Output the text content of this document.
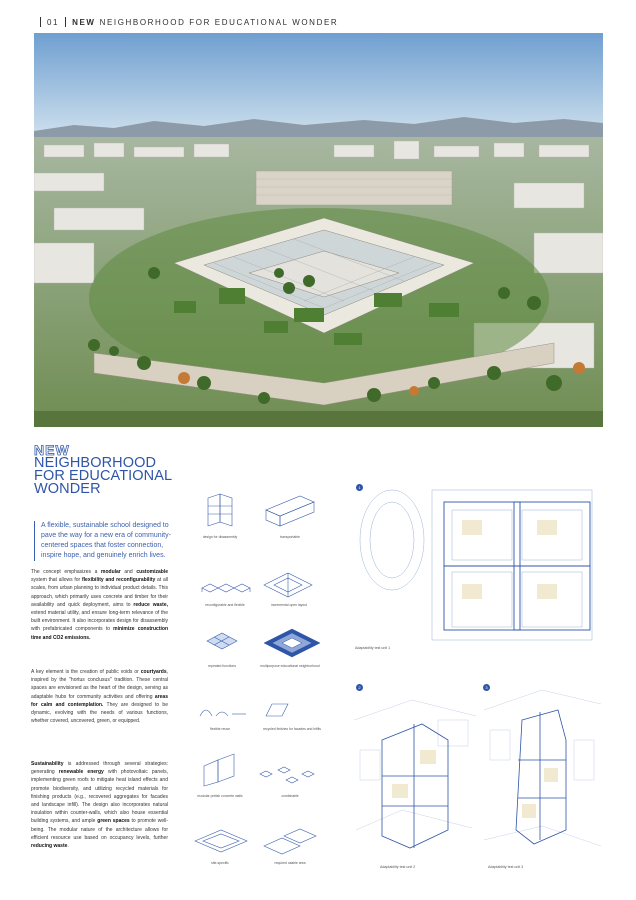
01 NEW NEIGHBORHOOD FOR EDUCATIONAL WONDER
NEW
NEIGHBORHOOD
FOR EDUCATIONAL
WONDER
A flexible, sustainable school designed to pave the way for a new era of community-centered spaces that foster connection, inspire hope, and genuinely enrich lives.
The concept emphasizes a modular and customizable system that allows for flexibility and reconfigurability at all scales, from urban planning to individual product details. This approach, which primarily uses concrete and timber for their availability and quick deployment, aims to reduce waste, extend material utility, and ensure long-term relevance of the built environment. It also incorporates design for disassembly with prefabricated components to minimize construction time and CO2 emissions.
A key element is the creation of public voids or courtyards, inspired by the "hortus conclusus" tradition. These central spaces are envisioned as the heart of the design, serving as adaptable hubs for community activities and offering areas for calm and contemplation. They are designed to be dynamic, evolving with the needs of various functions, whether covered, uncovered, green, or equipped.
Sustainability is addressed through several strategies: generating renewable energy with photovoltaic panels, implementing green roofs to mitigate heat island effects and promote biodiversity, and utilizing recycled materials for finishing products (e.g., recovered aggregates for facades and landscape infill). The design also incorporates natural insulation within counter-walls, which also house essential building systems, and ample green spaces to promote well-being. The modular nature of the architecture allows for efficient resource use based on occupancy levels, further reducing waste.
design for disassembly
reconfigurable and flexible
repeated functions
flexible reuse
modular prefab concrete walls
site-specific
transportable
incremental open layout
multipurpose educational neighborhood
recycled finishes for facades and infills
combinable
required usable area
1
Adaptability test unit 1
2
Adaptability test unit 2
3
Adaptability test unit 3
